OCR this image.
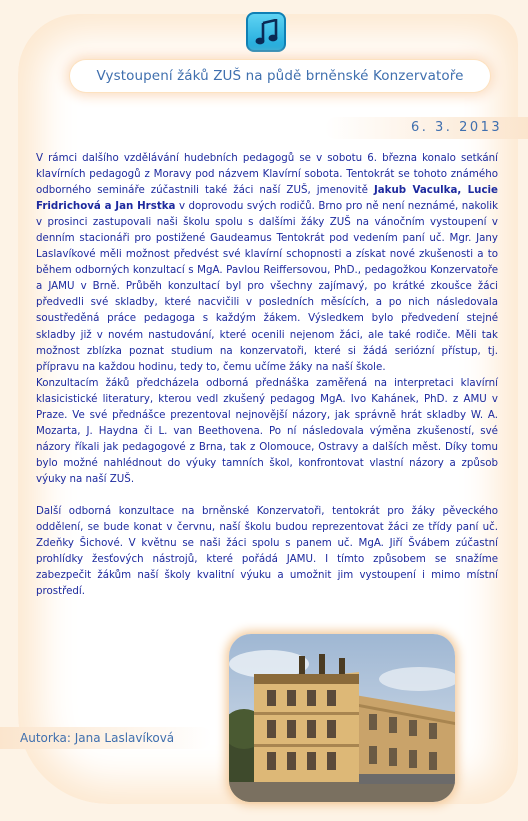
Vystoupení žáků ZUŠ na půdě brněnské Konzervatoře
6. 3. 2013

V rámci dalšího vzdělávání hudebních pedagogů se v sobotu 6. března konalo setkání klavírních pedagogů z Moravy pod názvem Klavírní sobota. Tentokrát se tohoto známého odborného semináře zúčastnili také žáci naší ZUŠ, jmenovitě Jakub Vaculka, Lucie Fridrichová a Jan Hrstka v doprovodu svých rodičů. Brno pro ně není neznámé, nakolik v prosinci zastupovali naši školu spolu s dalšími žáky ZUŠ na vánočním vystoupení v denním stacionáři pro postižené Gaudeamus Tentokrát pod vedením paní uč. Mgr. Jany Laslavíkové měli možnost předvést své klavírní schopnosti a získat nové zkušenosti a to během odborných konzultací s MgA. Pavlou Reiffersovou, PhD., pedagožkou Konzervatoře a JAMU v Brně. Průběh konzultací byl pro všechny zajímavý, po krátké zkoušce žáci předvedli své skladby, které nacvičili v posledních měsících, a po nich následovala soustředěná práce pedagoga s každým žákem. Výsledkem bylo předvedení stejné skladby již v novém nastudování, které ocenili nejenom žáci, ale také rodiče. Měli tak možnost zblízka poznat studium na konzervatoři, které si žádá seriózní přístup, tj. přípravu na každou hodinu, tedy to, čemu učíme žáky na naší škole.

Konzultacím žáků předcházela odborná přednáška zaměřená na interpretaci klavírní klasicistické literatury, kterou vedl zkušený pedagog MgA. Ivo Kahánek, PhD. z AMU v Praze. Ve své přednášce prezentoval nejnovější názory, jak správně hrát skladby W. A. Mozarta, J. Haydna či L. van Beethovena. Po ní následovala výměna zkušeností, své názory říkali jak pedagogové z Brna, tak z Olomouce, Ostravy a dalších měst. Díky tomu bylo možné nahlédnout do výuky tamních škol, konfrontovat vlastní názory a způsob výuky na naší ZUŠ.

Další odborná konzultace na brněnské Konzervatoři, tentokrát pro žáky pěveckého oddělení, se bude konat v červnu, naší školu budou reprezentovat žáci ze třídy paní uč. Zdeňky Šichové. V květnu se naši žáci spolu s panem uč. MgA. Jiří Švábem zúčastní prohlídky žesťových nástrojů, které pořádá JAMU. I tímto způsobem se snažíme zabezpečit žákům naší školy kvalitní výuku a umožnit jim vystoupení i mimo místní prostředí.

Autorka: Jana Laslavíková
